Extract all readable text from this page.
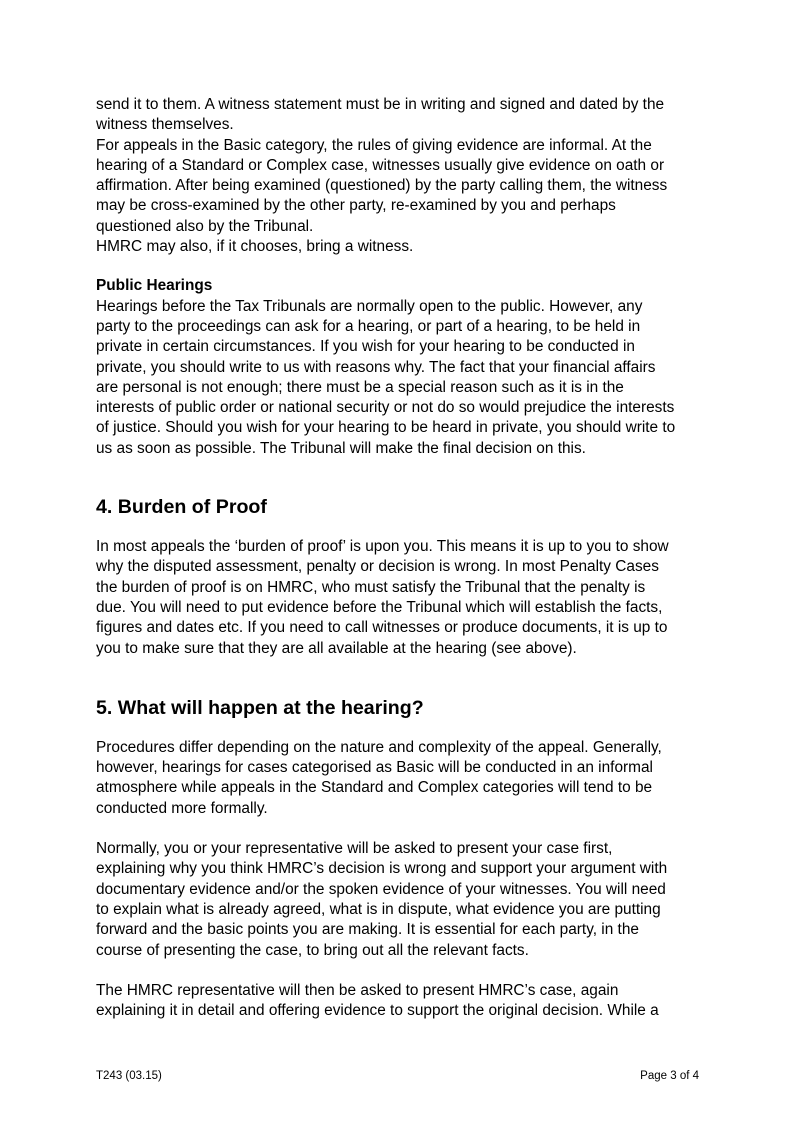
send it to them. A witness statement must be in writing and signed and dated by the

witness themselves.

For appeals in the Basic category, the rules of giving evidence are informal. At the

hearing of a Standard or Complex case, witnesses usually give evidence on oath or

affirmation. After being examined (questioned) by the party calling them, the witness

may be cross-examined by the other party, re-examined by you and perhaps

questioned also by the Tribunal.

HMRC may also, if it chooses, bring a witness.

Public Hearings

Hearings before the Tax Tribunals are normally open to the public. However, any

party to the proceedings can ask for a hearing, or part of a hearing, to be held in

private in certain circumstances. If you wish for your hearing to be conducted in

private, you should write to us with reasons why. The fact that your financial affairs

are personal is not enough; there must be a special reason such as it is in the

interests of public order or national security or not do so would prejudice the interests

of justice. Should you wish for your hearing to be heard in private, you should write to

us as soon as possible. The Tribunal will make the final decision on this.

4. Burden of Proof

In most appeals the ‘burden of proof’ is upon you. This means it is up to you to show

why the disputed assessment, penalty or decision is wrong. In most Penalty Cases

the burden of proof is on HMRC, who must satisfy the Tribunal that the penalty is

due. You will need to put evidence before the Tribunal which will establish the facts,

figures and dates etc. If you need to call witnesses or produce documents, it is up to

you to make sure that they are all available at the hearing (see above).

5. What will happen at the hearing?

Procedures differ depending on the nature and complexity of the appeal. Generally,

however, hearings for cases categorised as Basic will be conducted in an informal

atmosphere while appeals in the Standard and Complex categories will tend to be

conducted more formally.

Normally, you or your representative will be asked to present your case first,

explaining why you think HMRC’s decision is wrong and support your argument with

documentary evidence and/or the spoken evidence of your witnesses. You will need

to explain what is already agreed, what is in dispute, what evidence you are putting

forward and the basic points you are making. It is essential for each party, in the

course of presenting the case, to bring out all the relevant facts.

The HMRC representative will then be asked to present HMRC’s case, again

explaining it in detail and offering evidence to support the original decision. While a

T243 (03.15)	Page 3 of 4
